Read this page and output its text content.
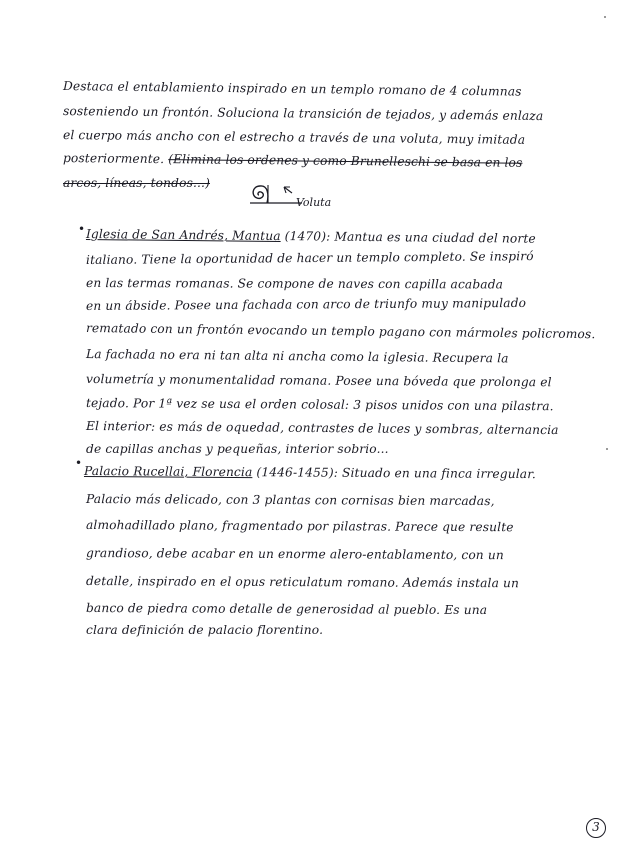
Destaca el entablamiento inspirado en un templo romano de 4 columnas
sosteniendo un frontón. Soluciona la transición de tejados, y además enlaza
el cuerpo más ancho con el estrecho a través de una voluta, muy imitada
posteriormente. (Elimina los ordenes y como Brunelleschi se basa en los
arcos, líneas, tondos...)
Voluta
• Iglesia de San Andrés, Mantua (1470): Mantua es una ciudad del norte
italiano. Tiene la oportunidad de hacer un templo completo. Se inspiró
en las termas romanas. Se compone de naves con capilla acabada
en un ábside. Posee una fachada con arco de triunfo muy manipulado
rematado con un frontón evocando un templo pagano con mármoles policromos.
La fachada no era ni tan alta ni ancha como la iglesia. Recupera la
volumetría y monumentalidad romana. Posee una bóveda que prolonga el
tejado. Por 1ª vez se usa el orden colosal: 3 pisos unidos con una pilastra.
El interior: es más de oquedad, contrastes de luces y sombras, alternancia
de capillas anchas y pequeñas, interior sobrio...
•
Palacio Rucellai, Florencia (1446-1455): Situado en una finca irregular.
Palacio más delicado, con 3 plantas con cornisas bien marcadas,
almohadillado plano, fragmentado por pilastras. Parece que resulte
grandioso, debe acabar en un enorme alero-entablamento, con un
detalle, inspirado en el opus reticulatum romano. Además instala un
banco de piedra como detalle de generosidad al pueblo. Es una
clara definición de palacio florentino.
3
